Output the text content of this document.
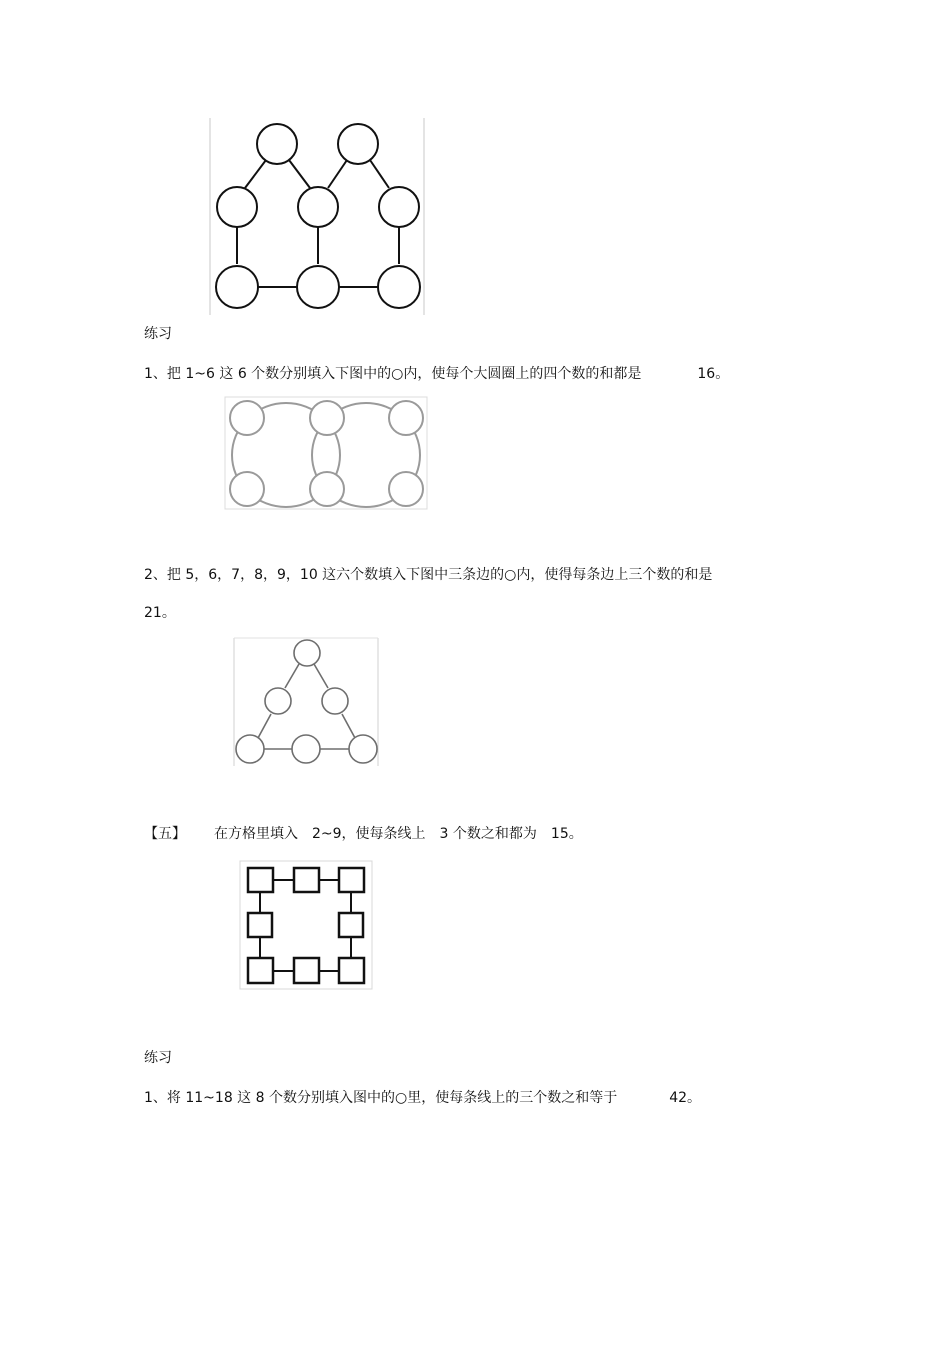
练习
1、把 1~6 这 6 个数分别填入下图中的○内，使每个大圆圈上的四个数的和都是	16。
2、把 5，6，7，8，9，10 这六个数填入下图中三条边的○内，使得每条边上三个数的和是
21。
【五】 在方格里填入 2~9，使每条线上 3 个数之和都为 15。
练习
1、将 11~18 这 8 个数分别填入图中的○里，使每条线上的三个数之和等于	42。
